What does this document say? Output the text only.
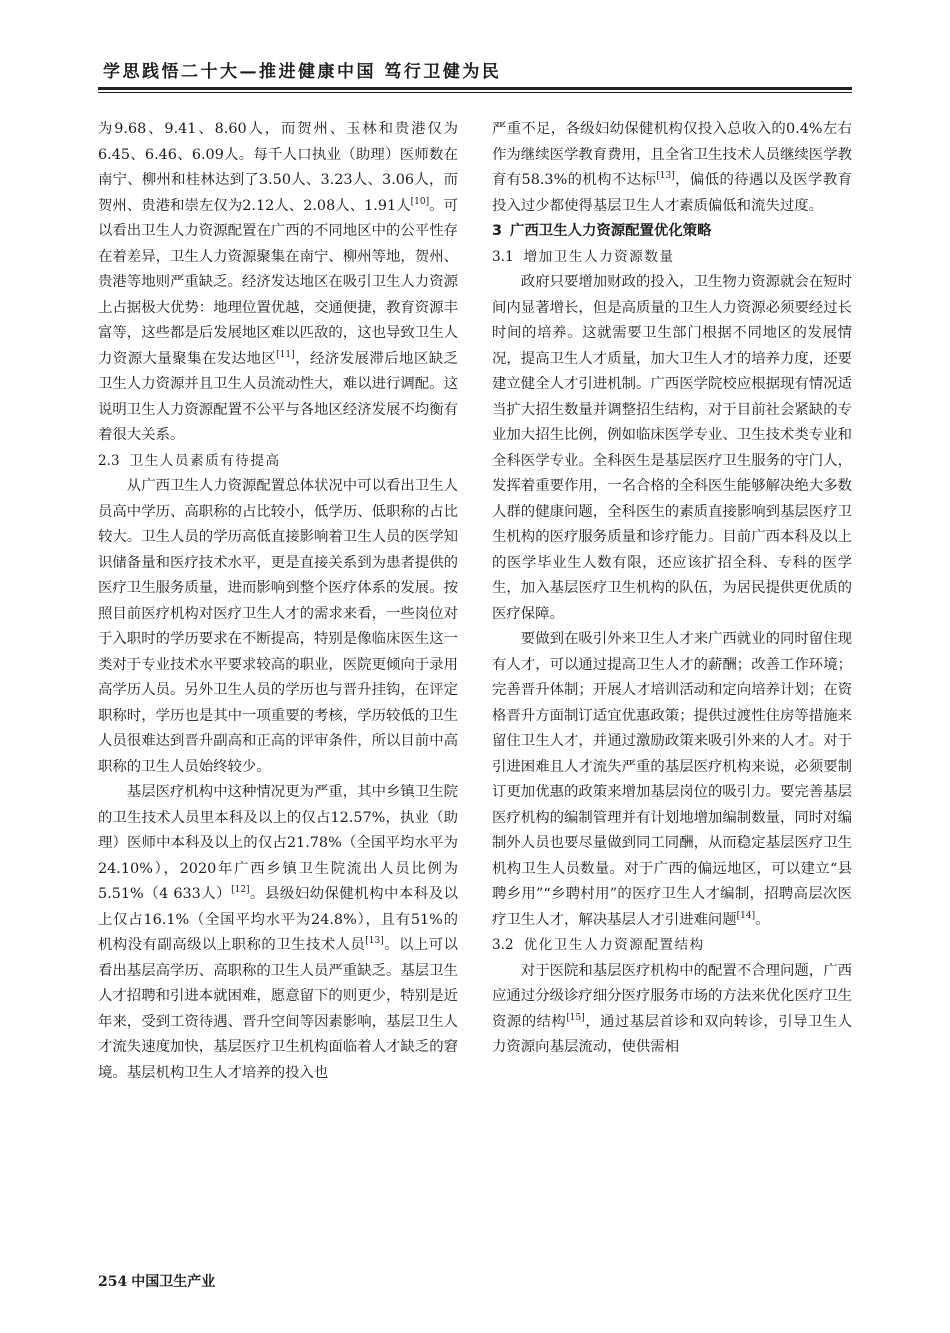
学思践悟二十大—推进健康中国 笃行卫健为民

为9.68、9.41、8.60人，而贺州、玉林和贵港仅为6.45、6.46、6.09人。每千人口执业（助理）医师数在南宁、柳州和桂林达到了3.50人、3.23人、3.06人，而贺州、贵港和崇左仅为2.12人、2.08人、1.91人[10]。可以看出卫生人力资源配置在广西的不同地区中的公平性存在着差异，卫生人力资源聚集在南宁、柳州等地，贺州、贵港等地则严重缺乏。经济发达地区在吸引卫生人力资源上占据极大优势：地理位置优越，交通便捷，教育资源丰富等，这些都是后发展地区难以匹敌的，这也导致卫生人力资源大量聚集在发达地区[11]，经济发展滞后地区缺乏卫生人力资源并且卫生人员流动性大，难以进行调配。这说明卫生人力资源配置不公平与各地区经济发展不均衡有着很大关系。

2.3 卫生人员素质有待提高

从广西卫生人力资源配置总体状况中可以看出卫生人员高中学历、高职称的占比较小，低学历、低职称的占比较大。卫生人员的学历高低直接影响着卫生人员的医学知识储备量和医疗技术水平，更是直接关系到为患者提供的医疗卫生服务质量，进而影响到整个医疗体系的发展。按照目前医疗机构对医疗卫生人才的需求来看，一些岗位对于入职时的学历要求在不断提高，特别是像临床医生这一类对于专业技术水平要求较高的职业，医院更倾向于录用高学历人员。另外卫生人员的学历也与晋升挂钩，在评定职称时，学历也是其中一项重要的考核，学历较低的卫生人员很难达到晋升副高和正高的评审条件，所以目前中高职称的卫生人员始终较少。

基层医疗机构中这种情况更为严重，其中乡镇卫生院的卫生技术人员里本科及以上的仅占12.57%，执业（助理）医师中本科及以上的仅占21.78%（全国平均水平为24.10%），2020年广西乡镇卫生院流出人员比例为5.51%（4 633人）[12]。县级妇幼保健机构中本科及以上仅占16.1%（全国平均水平为24.8%），且有51%的机构没有副高级以上职称的卫生技术人员[13]。以上可以看出基层高学历、高职称的卫生人员严重缺乏。基层卫生人才招聘和引进本就困难，愿意留下的则更少，特别是近年来，受到工资待遇、晋升空间等因素影响，基层卫生人才流失速度加快，基层医疗卫生机构面临着人才缺乏的窘境。基层机构卫生人才培养的投入也

严重不足，各级妇幼保健机构仅投入总收入的0.4%左右作为继续医学教育费用，且全省卫生技术人员继续医学教育有58.3%的机构不达标[13]，偏低的待遇以及医学教育投入过少都使得基层卫生人才素质偏低和流失过度。

3 广西卫生人力资源配置优化策略

3.1 增加卫生人力资源数量

政府只要增加财政的投入，卫生物力资源就会在短时间内显著增长，但是高质量的卫生人力资源必须要经过长时间的培养。这就需要卫生部门根据不同地区的发展情况，提高卫生人才质量，加大卫生人才的培养力度，还要建立健全人才引进机制。广西医学院校应根据现有情况适当扩大招生数量并调整招生结构，对于目前社会紧缺的专业加大招生比例，例如临床医学专业、卫生技术类专业和全科医学专业。全科医生是基层医疗卫生服务的守门人，发挥着重要作用，一名合格的全科医生能够解决绝大多数人群的健康问题，全科医生的素质直接影响到基层医疗卫生机构的医疗服务质量和诊疗能力。目前广西本科及以上的医学毕业生人数有限，还应该扩招全科、专科的医学生，加入基层医疗卫生机构的队伍，为居民提供更优质的医疗保障。

要做到在吸引外来卫生人才来广西就业的同时留住现有人才，可以通过提高卫生人才的薪酬；改善工作环境；完善晋升体制；开展人才培训活动和定向培养计划；在资格晋升方面制订适宜优惠政策；提供过渡性住房等措施来留住卫生人才，并通过激励政策来吸引外来的人才。对于引进困难且人才流失严重的基层医疗机构来说，必须要制订更加优惠的政策来增加基层岗位的吸引力。要完善基层医疗机构的编制管理并有计划地增加编制数量，同时对编制外人员也要尽量做到同工同酬，从而稳定基层医疗卫生机构卫生人员数量。对于广西的偏远地区，可以建立“县聘乡用”“乡聘村用”的医疗卫生人才编制，招聘高层次医疗卫生人才，解决基层人才引进难问题[14]。

3.2 优化卫生人力资源配置结构

对于医院和基层医疗机构中的配置不合理问题，广西应通过分级诊疗细分医疗服务市场的方法来优化医疗卫生资源的结构[15]，通过基层首诊和双向转诊，引导卫生人力资源向基层流动，使供需相

254 中国卫生产业
